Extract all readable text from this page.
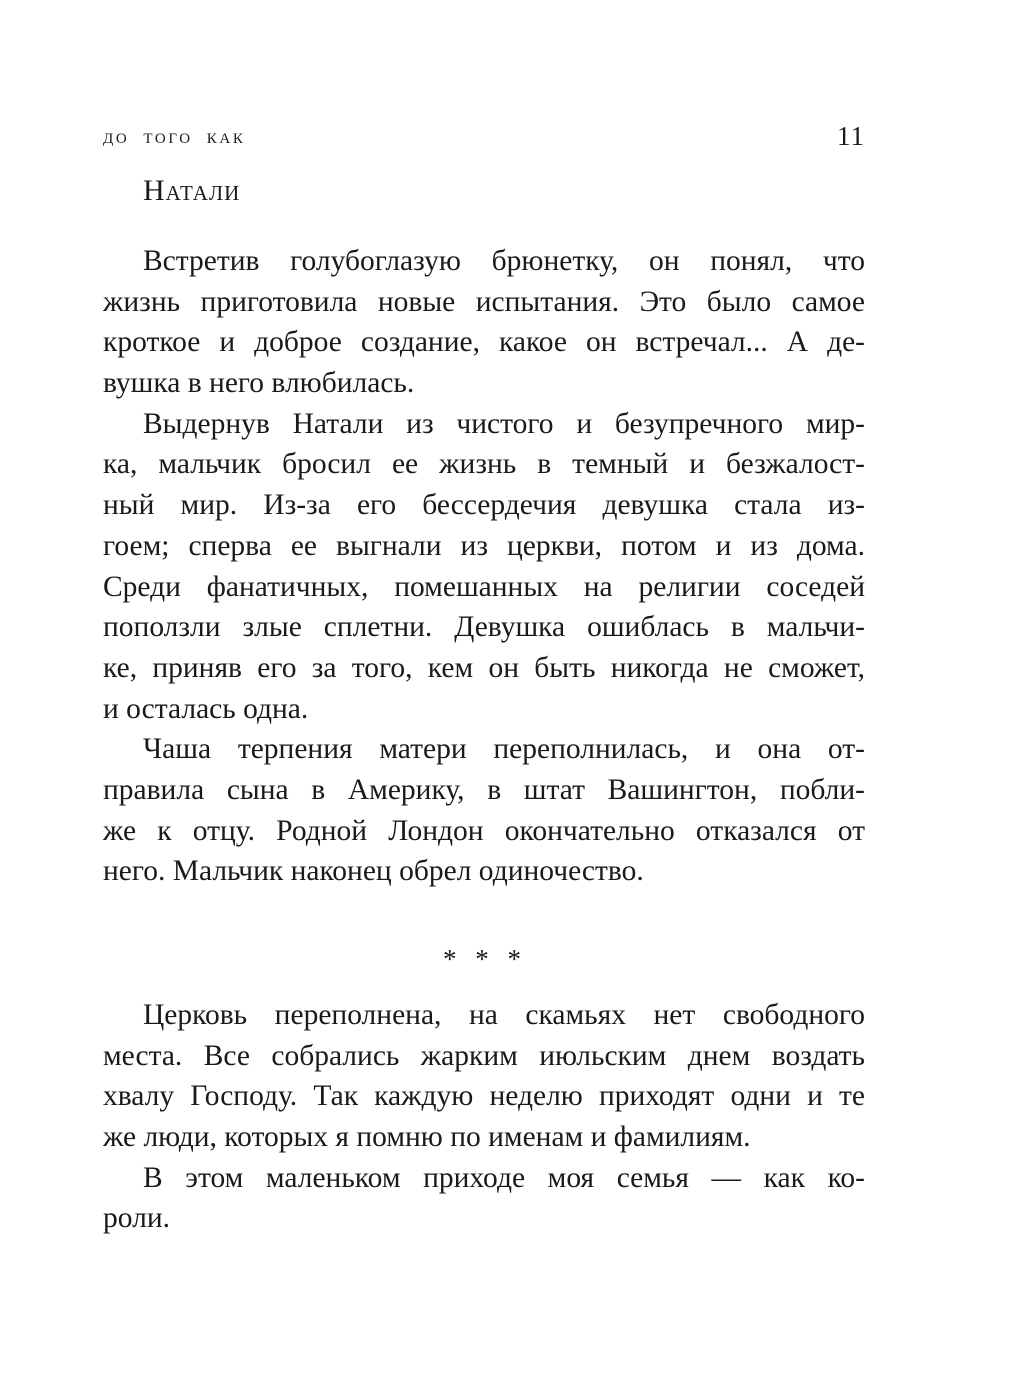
до того как	11
Натали
Встретив голубоглазую брюнетку, он понял, что
жизнь приготовила новые испытания. Это было самое
кроткое и доброе создание, какое он встречал... А де-
вушка в него влюбилась.
Выдернув Натали из чистого и безупречного мир-
ка, мальчик бросил ее жизнь в темный и безжалост-
ный мир. Из-за его бессердечия девушка стала из-
гоем; сперва ее выгнали из церкви, потом и из дома.
Среди фанатичных, помешанных на религии соседей
поползли злые сплетни. Девушка ошиблась в мальчи-
ке, приняв его за того, кем он быть никогда не сможет,
и осталась одна.
Чаша терпения матери переполнилась, и она от-
правила сына в Америку, в штат Вашингтон, побли-
же к отцу. Родной Лондон окончательно отказался от
него. Мальчик наконец обрел одиночество.
* * *
Церковь переполнена, на скамьях нет свободного
места. Все собрались жарким июльским днем воздать
хвалу Господу. Так каждую неделю приходят одни и те
же люди, которых я помню по именам и фамилиям.
В этом маленьком приходе моя семья — как ко-
роли.
